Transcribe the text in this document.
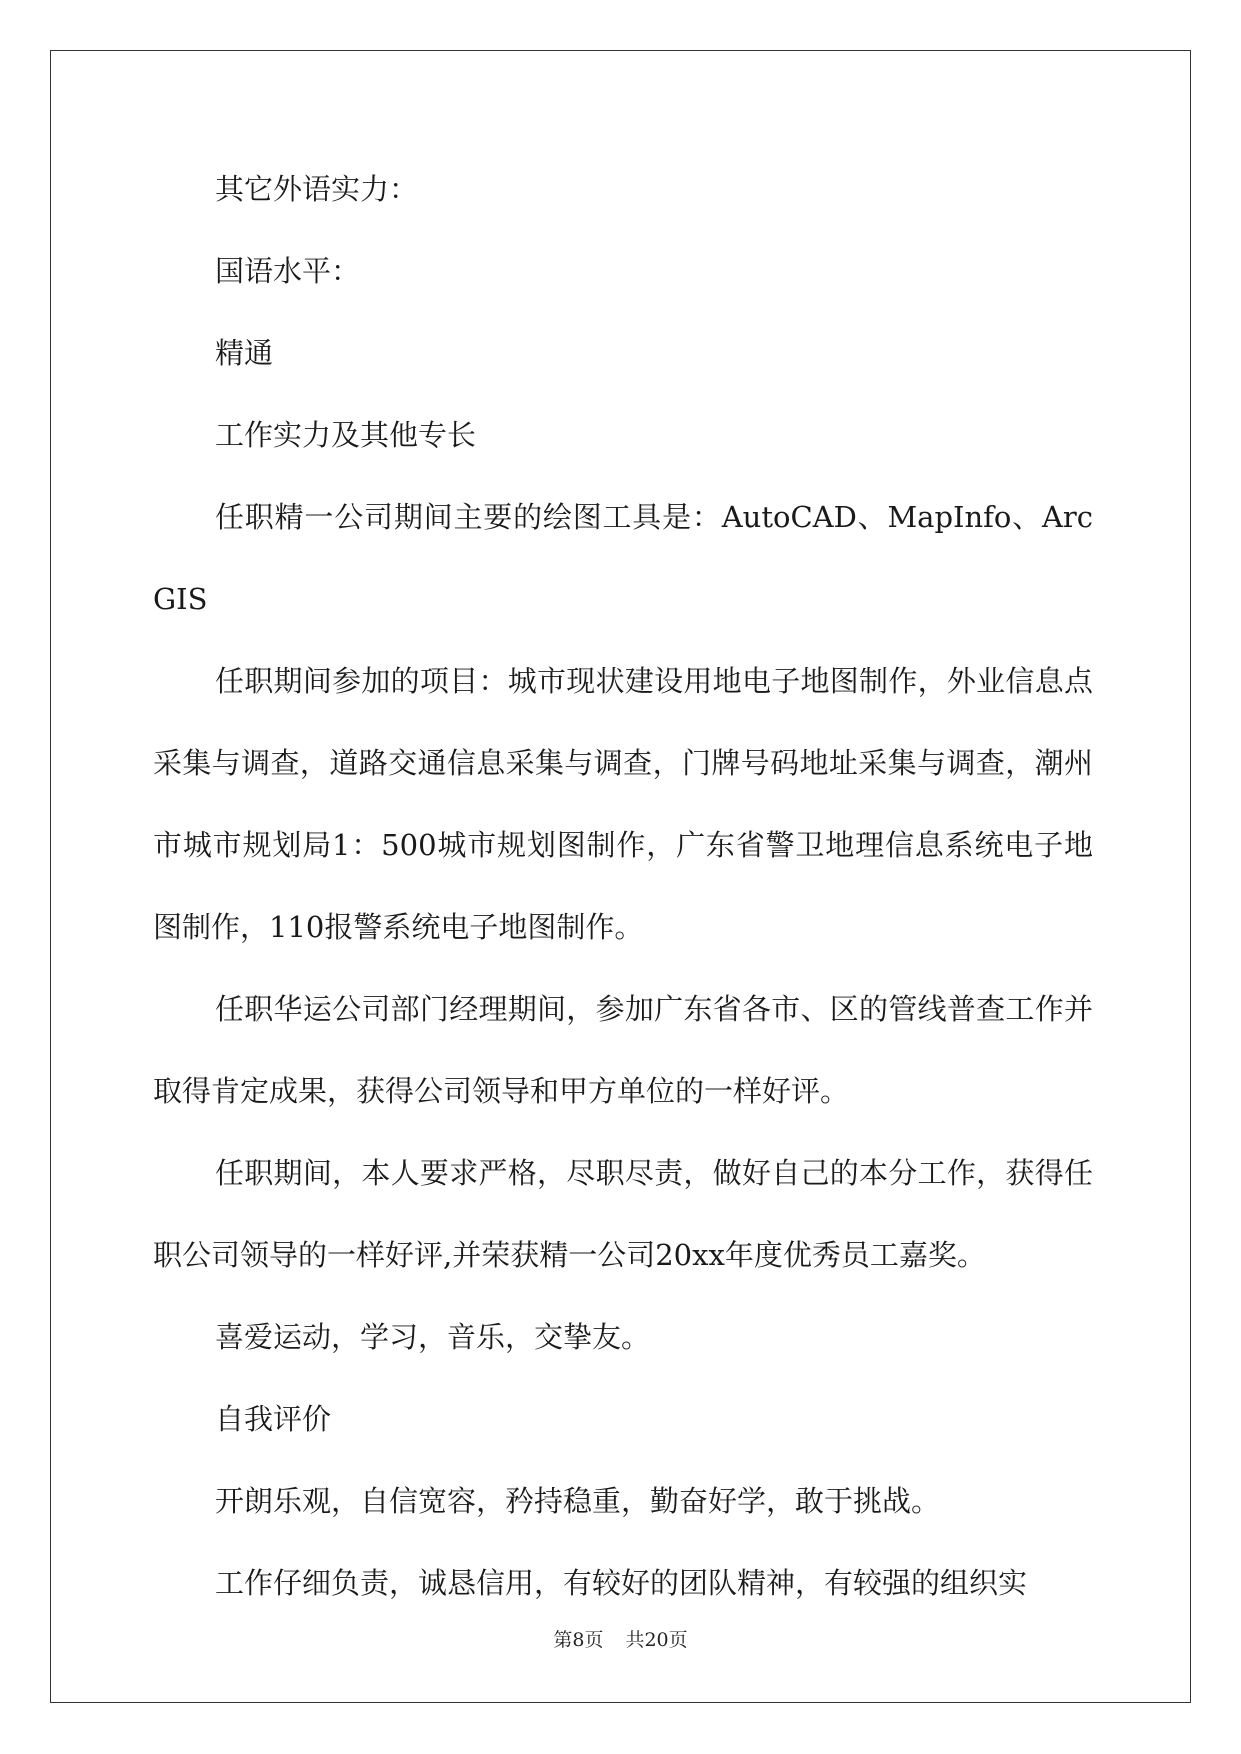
其它外语实力：

国语水平：

精通

工作实力及其他专长

任职精一公司期间主要的绘图工具是：AutoCAD、MapInfo、ArcGIS

任职期间参加的项目：城市现状建设用地电子地图制作，外业信息点采集与调查，道路交通信息采集与调查，门牌号码地址采集与调查，潮州市城市规划局1：500城市规划图制作，广东省警卫地理信息系统电子地图制作，110报警系统电子地图制作。

任职华运公司部门经理期间，参加广东省各市、区的管线普查工作并取得肯定成果，获得公司领导和甲方单位的一样好评。

任职期间，本人要求严格，尽职尽责，做好自己的本分工作，获得任职公司领导的一样好评,并荣获精一公司20xx年度优秀员工嘉奖。

喜爱运动，学习，音乐，交挚友。

自我评价

开朗乐观，自信宽容，矜持稳重，勤奋好学，敢于挑战。

工作仔细负责，诚恳信用，有较好的团队精神，有较强的组织实

第8页 共20页
